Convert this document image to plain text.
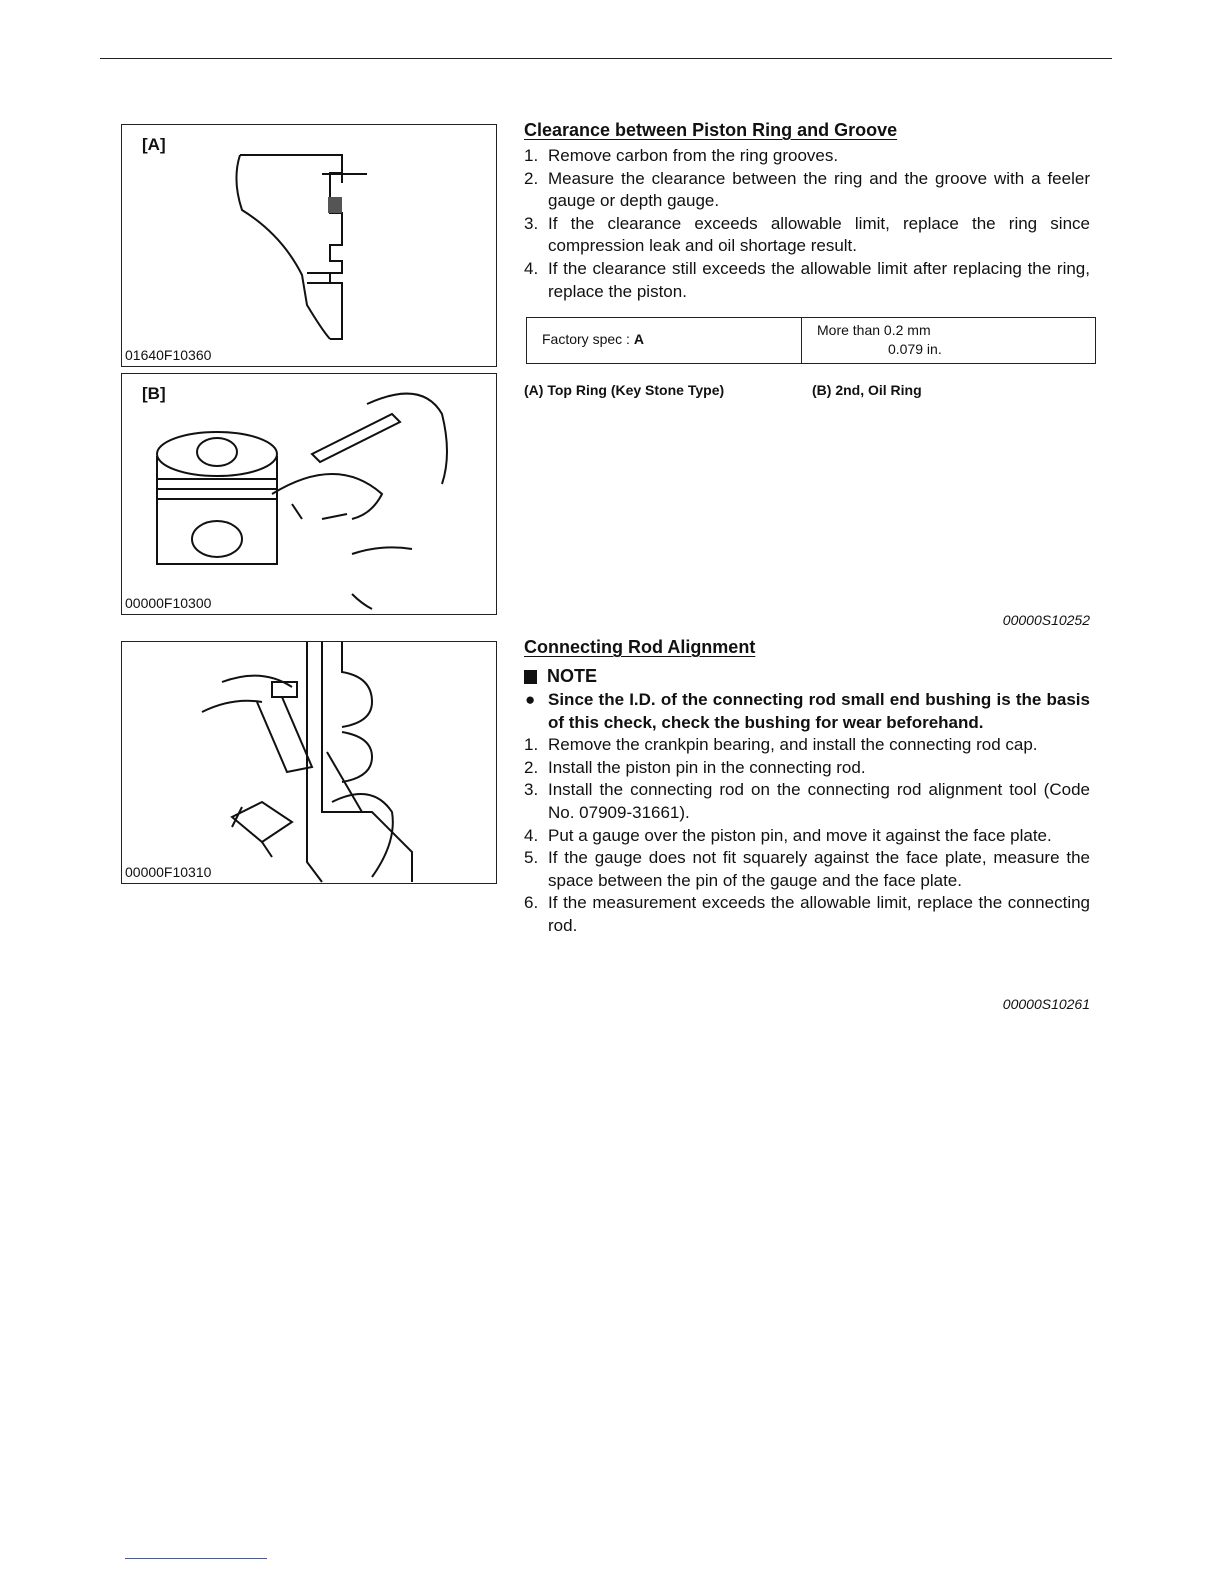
[A]
01640F10360
[B]
00000F10300
00000F10310
Clearance between Piston Ring and Groove
1. Remove carbon from the ring grooves.
2. Measure the clearance between the ring and the groove with a feeler gauge or depth gauge.
3. If the clearance exceeds allowable limit, replace the ring since compression leak and oil shortage result.
4. If the clearance still exceeds the allowable limit after replacing the ring, replace the piston.
Factory spec : A
More than 0.2 mm
0.079 in.
(A) Top Ring (Key Stone Type)	(B) 2nd, Oil Ring
00000S10252
Connecting Rod Alignment
NOTE
● Since the I.D. of the connecting rod small end bushing is the basis of this check, check the bushing for wear beforehand.
1. Remove the crankpin bearing, and install the connecting rod cap.
2. Install the piston pin in the connecting rod.
3. Install the connecting rod on the connecting rod alignment tool (Code No. 07909-31661).
4. Put a gauge over the piston pin, and move it against the face plate.
5. If the gauge does not fit squarely against the face plate, measure the space between the pin of the gauge and the face plate.
6. If the measurement exceeds the allowable limit, replace the connecting rod.
00000S10261
